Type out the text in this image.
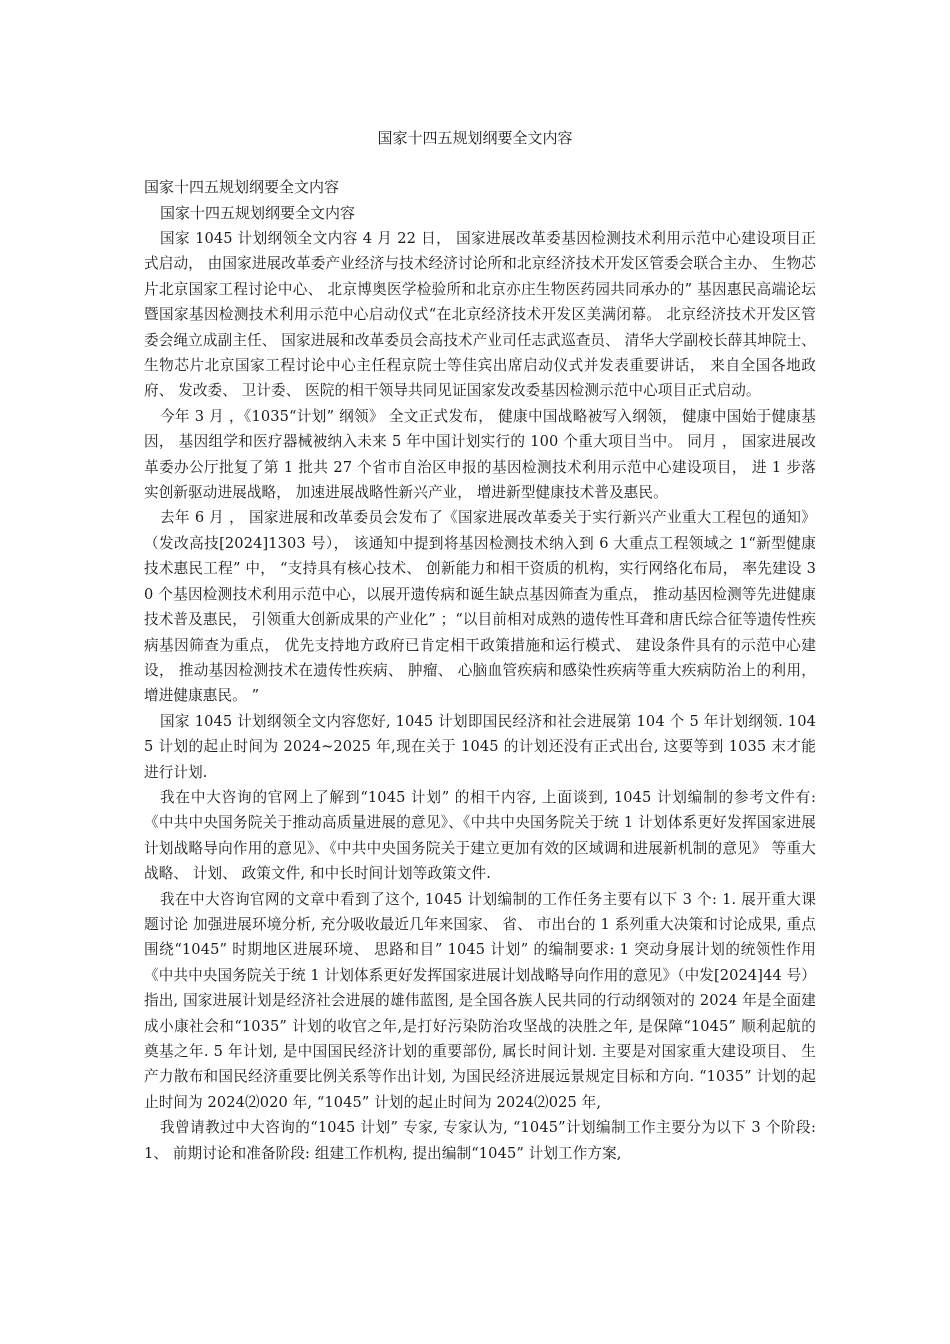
国家十四五规划纲要全文内容
国家十四五规划纲要全文内容
国家十四五规划纲要全文内容

国家 1045 计划纲领全文内容 4 月 22 日， 国家进展改革委基因检测技术利用示范中心建设项目正式启动， 由国家进展改革委产业经济与技术经济讨论所和北京经济技术开发区管委会联合主办、 生物芯片北京国家工程讨论中心、 北京博奥医学检验所和北京亦庄生物医药园共同承办的” 基因惠民高端论坛暨国家基因检测技术利用示范中心启动仪式“在北京经济技术开发区美满闭幕。 北京经济技术开发区管委会绳立成副主任、 国家进展和改革委员会高技术产业司任志武巡查员、 清华大学副校长薛其坤院士、 生物芯片北京国家工程讨论中心主任程京院士等佳宾出席启动仪式并发表重要讲话， 来自全国各地政府、 发改委、 卫计委、 医院的相干领导共同见证国家发改委基因检测示范中心项目正式启动。

今年 3 月 ，《1035“计划” 纲领》 全文正式发布， 健康中国战略被写入纲领， 健康中国始于健康基因， 基因组学和医疗器械被纳入未来 5 年中国计划实行的 100 个重大项目当中。 同月 ， 国家进展改革委办公厅批复了第 1 批共 27 个省市自治区申报的基因检测技术利用示范中心建设项目， 进 1 步落实创新驱动进展战略， 加速进展战略性新兴产业， 增进新型健康技术普及惠民。

去年 6 月 ， 国家进展和改革委员会发布了《国家进展改革委关于实行新兴产业重大工程包的通知》（发改高技[2024]1303 号）， 该通知中提到将基因检测技术纳入到 6 大重点工程领域之 1“新型健康技术惠民工程” 中， “支持具有核心技术、 创新能力和相干资质的机构，实行网络化布局， 率先建设 30 个基因检测技术利用示范中心，以展开遗传病和诞生缺点基因筛查为重点， 推动基因检测等先进健康技术普及惠民， 引领重大创新成果的产业化” ；“以目前相对成熟的遗传性耳聋和唐氏综合征等遗传性疾病基因筛查为重点， 优先支持地方政府已肯定相干政策措施和运行模式、 建设条件具有的示范中心建设， 推动基因检测技术在遗传性疾病、 肿瘤、 心脑血管疾病和感染性疾病等重大疾病防治上的利用， 增进健康惠民。 ”

国家 1045 计划纲领全文内容您好, 1045 计划即国民经济和社会进展第 104 个 5 年计划纲领. 1045 计划的起止时间为 2024~2025 年,现在关于 1045 的计划还没有正式出台, 这要等到 1035 末才能进行计划.

我在中大咨询的官网上了解到“1045 计划” 的相干内容, 上面谈到, 1045 计划编制的参考文件有: 《中共中央国务院关于推动高质量进展的意见》、《中共中央国务院关于统 1 计划体系更好发挥国家进展计划战略导向作用的意见》、《中共中央国务院关于建立更加有效的区域调和进展新机制的意见》 等重大战略、 计划、 政策文件, 和中长时间计划等政策文件.

我在中大咨询官网的文章中看到了这个, 1045 计划编制的工作任务主要有以下 3 个: 1. 展开重大课题讨论 加强进展环境分析, 充分吸收最近几年来国家、 省、 市出台的 1 系列重大决策和讨论成果, 重点围绕“1045” 时期地区进展环境、 思路和目” 1045 计划” 的编制要求: 1 突动身展计划的统领性作用 《中共中央国务院关于统 1 计划体系更好发挥国家进展计划战略导向作用的意见》（中发[2024]44 号）指出, 国家进展计划是经济社会进展的雄伟蓝图, 是全国各族人民共同的行动纲领对的 2024 年是全面建成小康社会和“1035” 计划的收官之年,是打好污染防治攻坚战的决胜之年, 是保障“1045” 顺利起航的奠基之年. 5 年计划, 是中国国民经济计划的重要部份, 属长时间计划. 主要是对国家重大建设项目、 生产力散布和国民经济重要比例关系等作出计划, 为国民经济进展远景规定目标和方向. “1035” 计划的起止时间为 2024⑵020 年, “1045” 计划的起止时间为 2024⑵025 年,

我曾请教过中大咨询的“1045 计划” 专家, 专家认为, “1045”计划编制工作主要分为以下 3 个阶段: 1、 前期讨论和准备阶段: 组建工作机构, 提出编制“1045” 计划工作方案,
